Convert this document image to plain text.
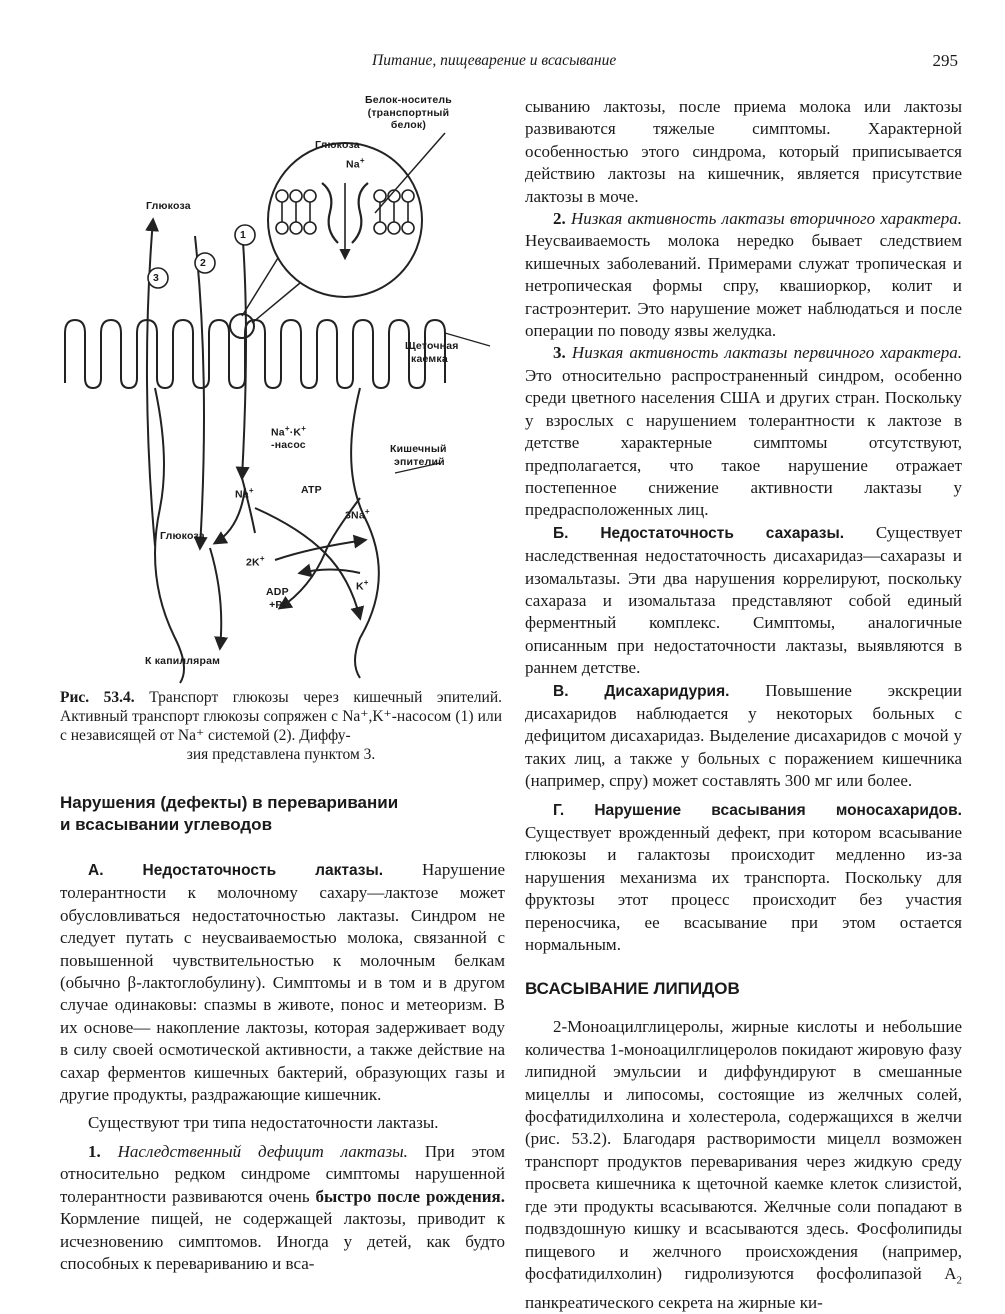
Питание, пищеварение и всасывание	295
Белок-носитель
(транспортный
белок)
Глюкоза
Na+
Глюкоза
3
2
1
Щеточная
каемка
Na+·K+
-насос	Кишечный
эпителий
Na+	ATP
3Na+
Глюкоза
2K+
K+
ADP
+Pi
К капиллярам
Рис. 53.4. Транспорт глюкозы через кишечный эпителий. Активный транспорт глюкозы сопряжен с Na⁺,K⁺-насосом (1) или с независящей от Na⁺ системой (2). Диффу-
зия представлена пунктом 3.
Нарушения (дефекты) в переваривании
и всасывании углеводов

А. Недостаточность лактазы. Нарушение толерантности к молочному сахару—лактозе может обусловливаться недостаточностью лактазы. Синдром не следует путать с неусваиваемостью молока, связанной с повышенной чувствительностью к молочным белкам (обычно β-лактоглобулину). Симптомы и в том и в другом случае одинаковы: спазмы в животе, понос и метеоризм. В их основе— накопление лактозы, которая задерживает воду в силу своей осмотической активности, а также действие на сахар ферментов кишечных бактерий, образующих газы и другие продукты, раздражающие кишечник.

Существуют три типа недостаточности лактазы.

1. Наследственный дефицит лактазы. При этом относительно редком синдроме симптомы нарушенной толерантности развиваются очень быстро после рождения. Кормление пищей, не содержащей лактозы, приводит к исчезновению симптомов. Иногда у детей, как будто способных к перевариванию и вса-

сыванию лактозы, после приема молока или лактозы развиваются тяжелые симптомы. Характерной особенностью этого синдрома, который приписывается действию лактозы на кишечник, является присутствие лактозы в моче.

2. Низкая активность лактазы вторичного характера. Неусваиваемость молока нередко бывает следствием кишечных заболеваний. Примерами служат тропическая и нетропическая формы спру, квашиоркор, колит и гастроэнтерит. Это нарушение может наблюдаться и после операции по поводу язвы желудка.

3. Низкая активность лактазы первичного характера. Это относительно распространенный синдром, особенно среди цветного населения США и других стран. Поскольку у взрослых с нарушением толерантности к лактозе в детстве характерные симптомы отсутствуют, предполагается, что такое нарушение отражает постепенное снижение активности лактазы у предрасположенных лиц.

Б. Недостаточность сахаразы. Существует наследственная недостаточность дисахаридаз—сахаразы и изомальтазы. Эти два нарушения коррелируют, поскольку сахараза и изомальтаза представляют собой единый ферментный комплекс. Симптомы, аналогичные описанным при недостаточности лактазы, выявляются в раннем детстве.

В. Дисахаридурия. Повышение экскреции дисахаридов наблюдается у некоторых больных с дефицитом дисахаридаз. Выделение дисахаридов с мочой у таких лиц, а также у больных с поражением кишечника (например, спру) может составлять 300 мг или более.

Г. Нарушение всасывания моносахаридов. Существует врожденный дефект, при котором всасывание глюкозы и галактозы происходит медленно из-за нарушения механизма их транспорта. Поскольку для фруктозы этот процесс происходит без участия переносчика, ее всасывание при этом остается нормальным.

ВСАСЫВАНИЕ ЛИПИДОВ

2-Моноацилглицеролы, жирные кислоты и небольшие количества 1-моноацилглицеролов покидают жировую фазу липидной эмульсии и диффундируют в смешанные мицеллы и липосомы, состоящие из желчных солей, фосфатидилхолина и холестерола, содержащихся в желчи (рис. 53.2). Благодаря растворимости мицелл возможен транспорт продуктов переваривания через жидкую среду просвета кишечника к щеточной каемке клеток слизистой, где эти продукты всасываются. Желчные соли попадают в подвздошную кишку и всасываются здесь. Фосфолипиды пищевого и желчного происхождения (например, фосфатидилхолин) гидролизуются фосфолипазой $A_2$ панкреатического секрета на жирные ки-
